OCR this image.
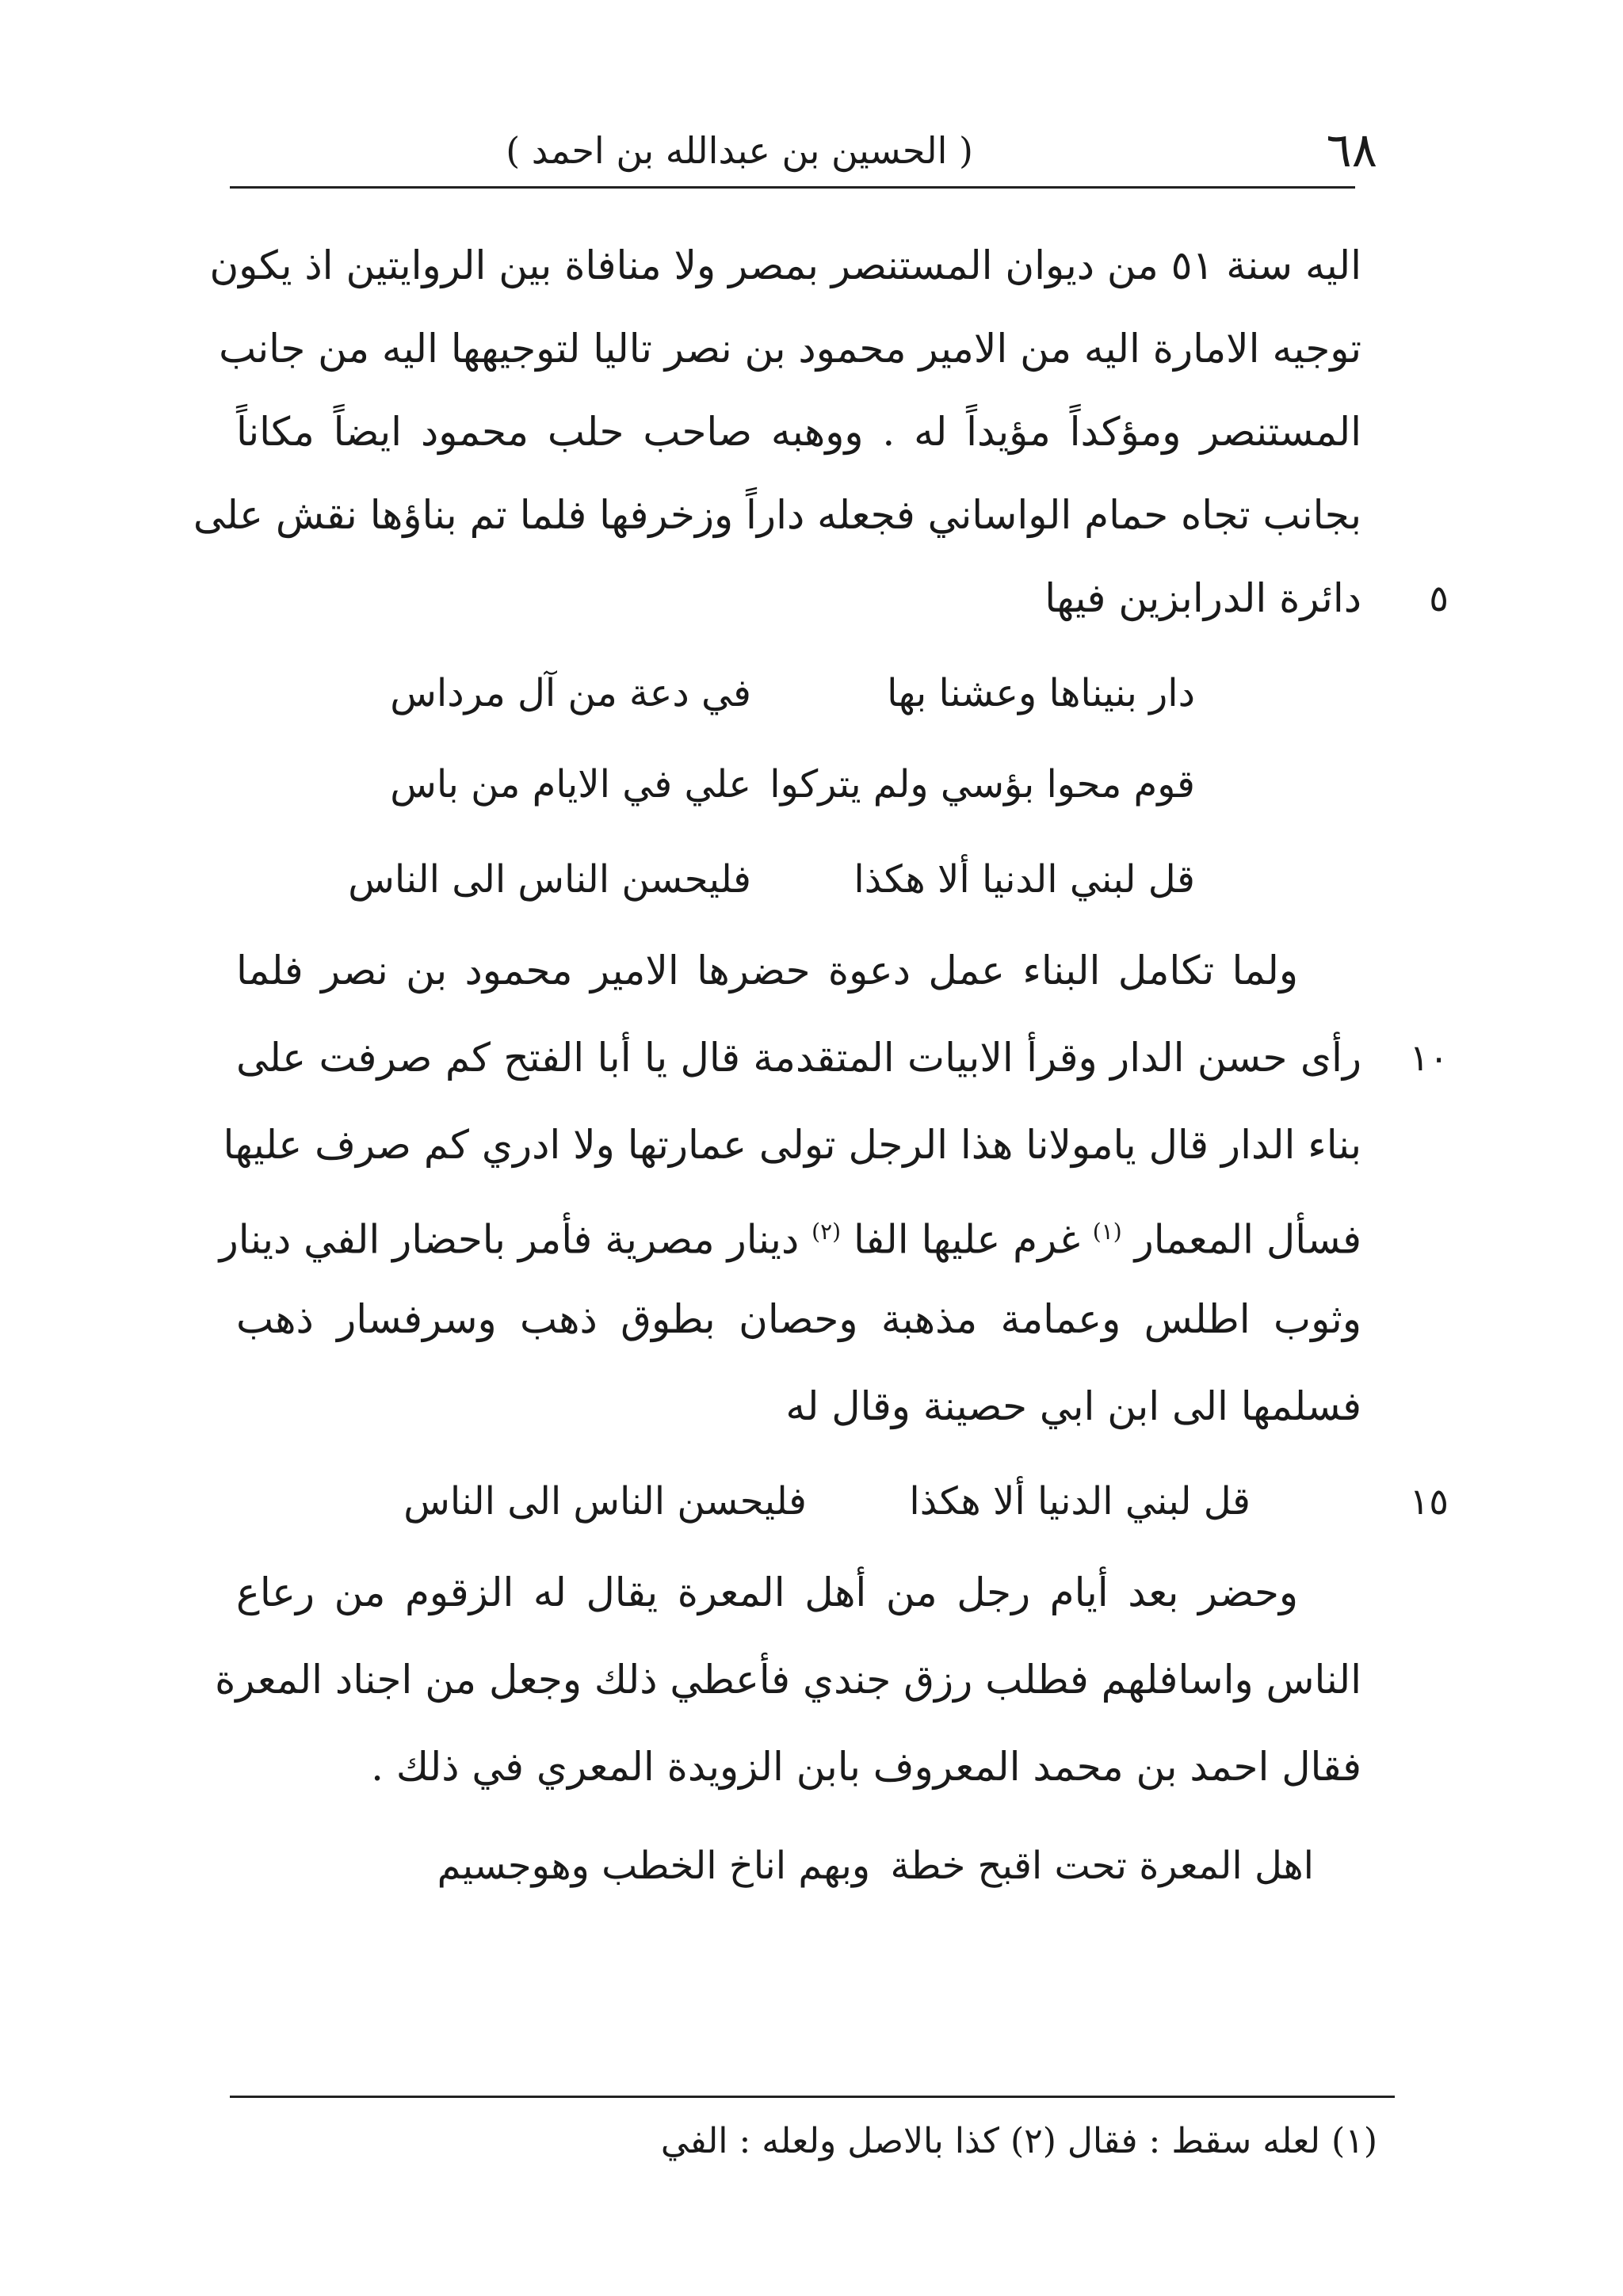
٦٨
( الحسين بن عبدالله بن احمد )
اليه سنة ٥١ من ديوان المستنصر بمصر ولا منافاة بين الروايتين اذ يكون
توجيه الامارة اليه من الامير محمود بن نصر تاليا لتوجيهها اليه من جانب
المستنصر ومؤكداً مؤيداً له . ووهبه صاحب حلب محمود ايضاً مكاناً
بجانب تجاه حمام الواساني فجعله داراً وزخرفها فلما تم بناؤها نقش على
دائرة الدرابزين فيها ٥
دار بنيناها وعشنا بها
في دعة من آل مرداس
قوم محوا بؤسي ولم يتركوا
علي في الايام من باس
قل لبني الدنيا ألا هكذا
فليحسن الناس الى الناس
ولما تكامل البناء عمل دعوة حضرها الامير محمود بن نصر فلما
رأى حسن الدار وقرأ الابيات المتقدمة قال يا أبا الفتح كم صرفت على ١٠
بناء الدار قال يامولانا هذا الرجل تولى عمارتها ولا ادري كم صرف عليها
فسأل المعمار $^{(١)}$ غرم عليها الفا $^{(٢)}$ دينار مصرية فأمر باحضار الفي دينار
وثوب اطلس وعمامة مذهبة وحصان بطوق ذهب وسرفسار ذهب
فسلمها الى ابن ابي حصينة وقال له
قل لبني الدنيا ألا هكذا
فليحسن الناس الى الناس	١٥
وحضر بعد أيام رجل من أهل المعرة يقال له الزقوم من رعاع
الناس واسافلهم فطلب رزق جندي فأعطي ذلك وجعل من اجناد المعرة
فقال احمد بن محمد المعروف بابن الزويدة المعري في ذلك .
اهل المعرة تحت اقبح خطة
وبهم اناخ الخطب وهوجسيم
(١) لعله سقط : فقال (٢) كذا بالاصل ولعله : الفي
